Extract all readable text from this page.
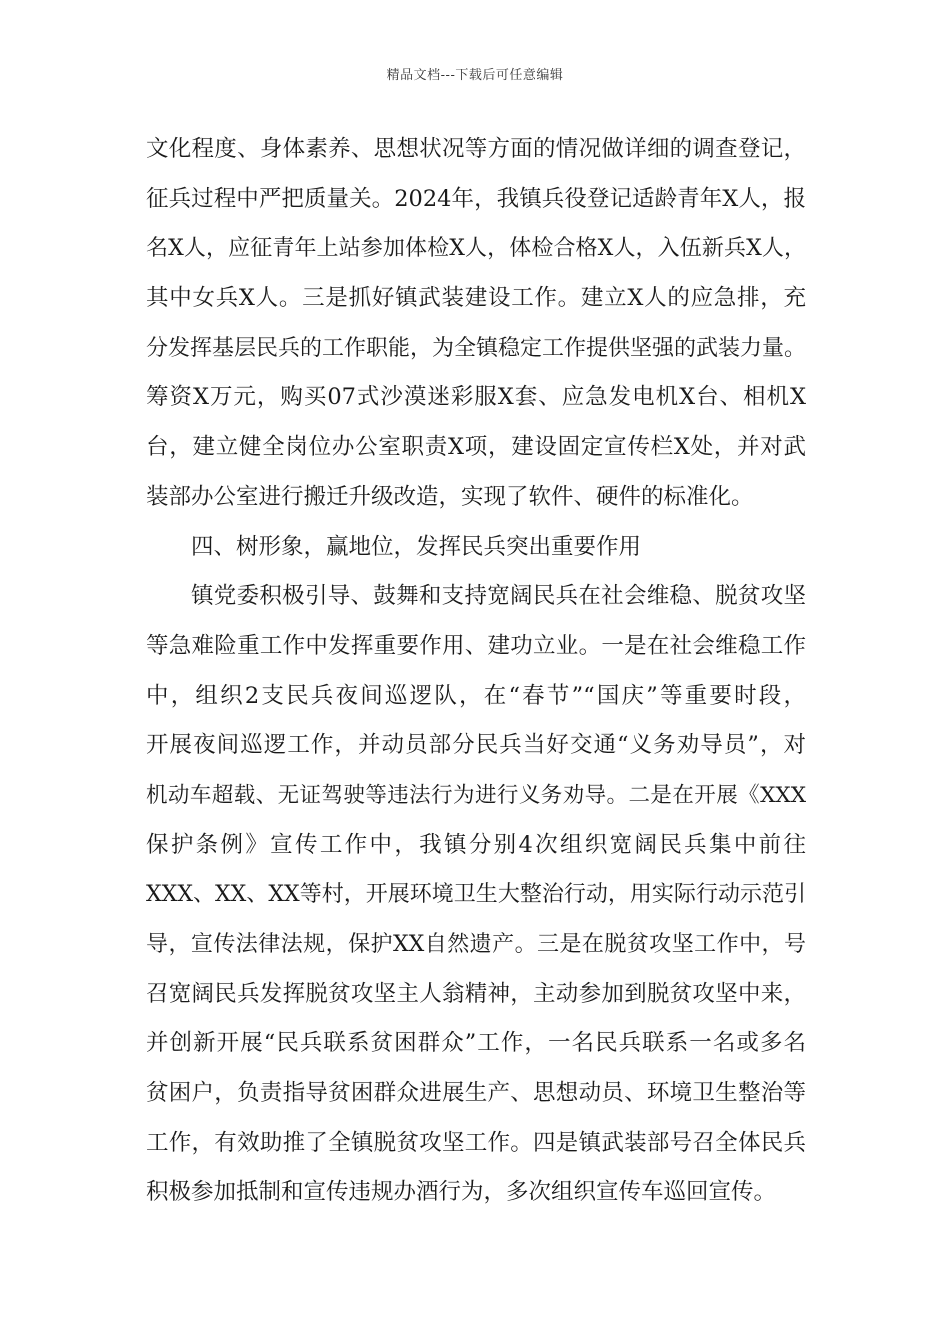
精品文档---下载后可任意编辑
文化程度、身体素养、思想状况等方面的情况做详细的调查登记，
征兵过程中严把质量关。2024年，我镇兵役登记适龄青年X人，报
名X人，应征青年上站参加体检X人，体检合格X人，入伍新兵X人，
其中女兵X人。三是抓好镇武装建设工作。建立X人的应急排，充
分发挥基层民兵的工作职能，为全镇稳定工作提供坚强的武装力量。
筹资X万元，购买07式沙漠迷彩服X套、应急发电机X台、相机X
台，建立健全岗位办公室职责X项，建设固定宣传栏X处，并对武
装部办公室进行搬迁升级改造，实现了软件、硬件的标准化。
四、树形象，赢地位，发挥民兵突出重要作用
镇党委积极引导、鼓舞和支持宽阔民兵在社会维稳、脱贫攻坚
等急难险重工作中发挥重要作用、建功立业。一是在社会维稳工作
中，组织2支民兵夜间巡逻队，在“春节”“国庆”等重要时段，
开展夜间巡逻工作，并动员部分民兵当好交通“义务劝导员”，对
机动车超载、无证驾驶等违法行为进行义务劝导。二是在开展《XXX
保护条例》宣传工作中，我镇分别4次组织宽阔民兵集中前往
XXX、XX、XX等村，开展环境卫生大整治行动，用实际行动示范引
导，宣传法律法规，保护XX自然遗产。三是在脱贫攻坚工作中，号
召宽阔民兵发挥脱贫攻坚主人翁精神，主动参加到脱贫攻坚中来，
并创新开展“民兵联系贫困群众”工作，一名民兵联系一名或多名
贫困户，负责指导贫困群众进展生产、思想动员、环境卫生整治等
工作，有效助推了全镇脱贫攻坚工作。四是镇武装部号召全体民兵
积极参加抵制和宣传违规办酒行为，多次组织宣传车巡回宣传。
